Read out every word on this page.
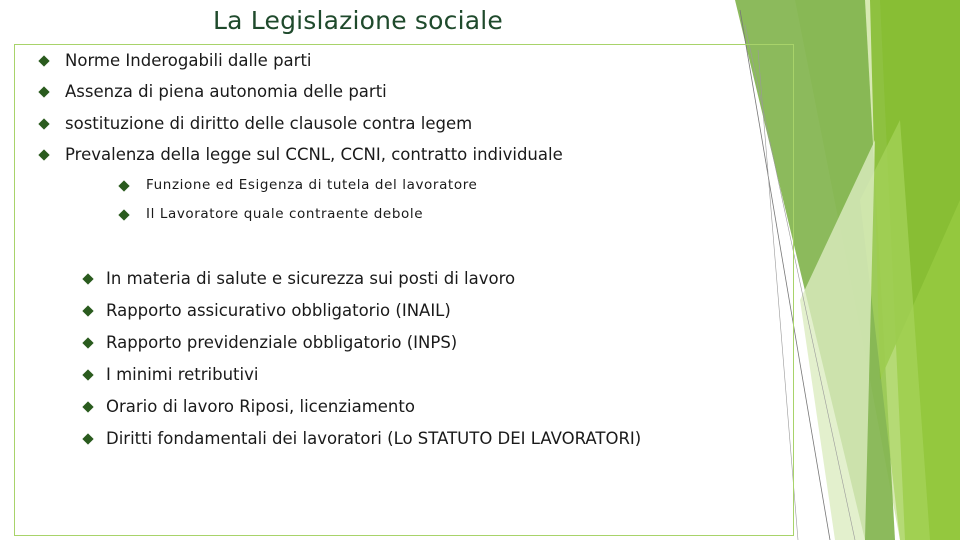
La Legislazione sociale
Norme Inderogabili dalle parti
Assenza di piena autonomia delle parti
sostituzione di diritto delle clausole contra legem
Prevalenza della legge sul CCNL, CCNI, contratto individuale
Funzione ed Esigenza di tutela del lavoratore
Il Lavoratore quale contraente debole
In materia di salute e sicurezza sui posti di lavoro
Rapporto assicurativo obbligatorio (INAIL)
Rapporto previdenziale obbligatorio (INPS)
I minimi retributivi
Orario di lavoro Riposi, licenziamento
Diritti fondamentali dei lavoratori (Lo STATUTO DEI LAVORATORI)
